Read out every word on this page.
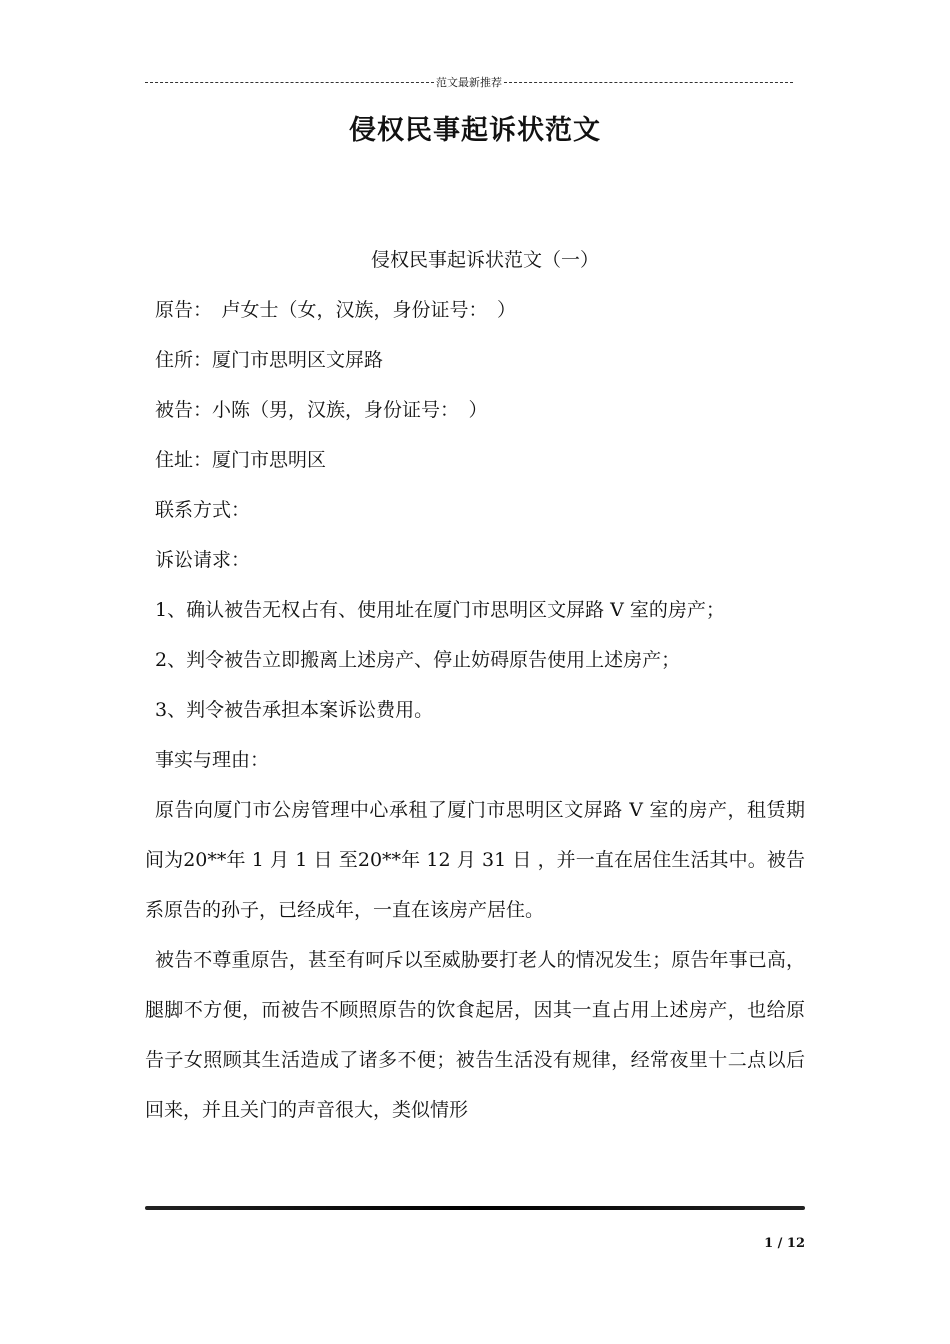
范文最新推荐
侵权民事起诉状范文
侵权民事起诉状范文（一）
原告：　卢女士（女，汉族，身份证号：　）
住所：厦门市思明区文屏路
被告：小陈（男，汉族，身份证号：　）
住址：厦门市思明区
联系方式：
诉讼请求：
1、确认被告无权占有、使用址在厦门市思明区文屏路 V 室的房产；
2、判令被告立即搬离上述房产、停止妨碍原告使用上述房产；
3、判令被告承担本案诉讼费用。
事实与理由：

原告向厦门市公房管理中心承租了厦门市思明区文屏路 V 室的房产，租赁期间为20**年 1 月 1 日 至20**年 12 月 31 日 ，并一直在居住生活其中。被告系原告的孙子，已经成年，一直在该房产居住。

被告不尊重原告，甚至有呵斥以至威胁要打老人的情况发生；原告年事已高，腿脚不方便，而被告不顾照原告的饮食起居，因其一直占用上述房产，也给原告子女照顾其生活造成了诸多不便；被告生活没有规律，经常夜里十二点以后回来，并且关门的声音很大，类似情形

1 / 12
